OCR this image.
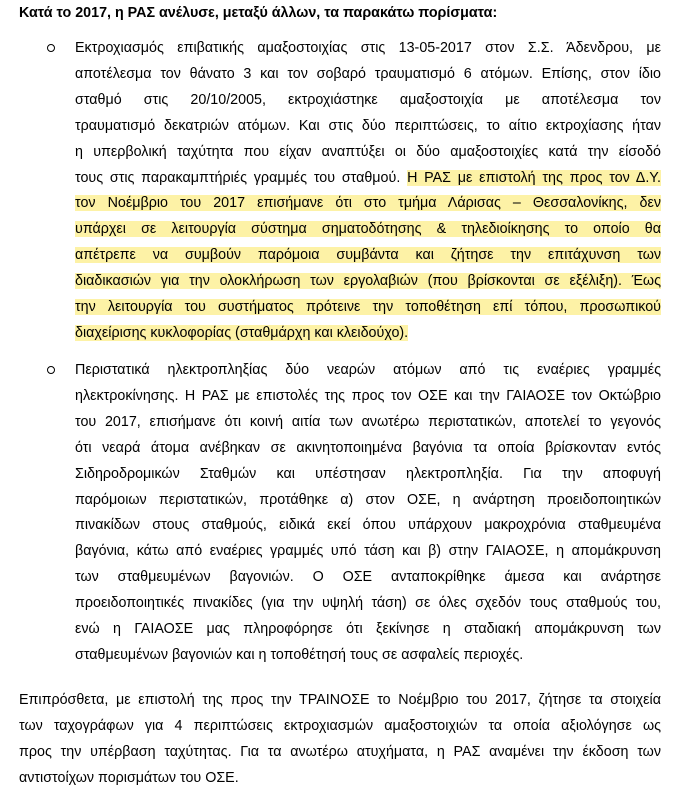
Κατά το 2017, η ΡΑΣ ανέλυσε, μεταξύ άλλων, τα παρακάτω πορίσματα:
Εκτροχιασμός επιβατικής αμαξοστοιχίας στις 13-05-2017 στον Σ.Σ. Άδενδρου, με
αποτέλεσμα τον θάνατο 3 και τον σοβαρό τραυματισμό 6 ατόμων. Επίσης, στον ίδιο
σταθμό στις 20/10/2005, εκτροχιάστηκε αμαξοστοιχία με αποτέλεσμα τον
τραυματισμό δεκατριών ατόμων. Και στις δύο περιπτώσεις, το αίτιο εκτροχίασης ήταν
η υπερβολική ταχύτητα που είχαν αναπτύξει οι δύο αμαξοστοιχίες κατά την είσοδό
τους στις παρακαμπτήριές γραμμές του σταθμού. Η ΡΑΣ με επιστολή της προς τον Δ.Υ.
τον Νοέμβριο του 2017 επισήμανε ότι στο τμήμα Λάρισας – Θεσσαλονίκης, δεν
υπάρχει σε λειτουργία σύστημα σηματοδότησης & τηλεδιοίκησης το οποίο θα
απέτρεπε να συμβούν παρόμοια συμβάντα και ζήτησε την επιτάχυνση των
διαδικασιών για την ολοκλήρωση των εργολαβιών (που βρίσκονται σε εξέλιξη). Έως
την λειτουργία του συστήματος πρότεινε την τοποθέτηση επί τόπου, προσωπικού
διαχείρισης κυκλοφορίας (σταθμάρχη και κλειδούχο).
Περιστατικά ηλεκτροπληξίας δύο νεαρών ατόμων από τις εναέριες γραμμές
ηλεκτροκίνησης. Η ΡΑΣ με επιστολές της προς τον ΟΣΕ και την ΓΑΙΑΟΣΕ τον Οκτώβριο
του 2017, επισήμανε ότι κοινή αιτία των ανωτέρω περιστατικών, αποτελεί το γεγονός
ότι νεαρά άτομα ανέβηκαν σε ακινητοποιημένα βαγόνια τα οποία βρίσκονταν εντός
Σιδηροδρομικών Σταθμών και υπέστησαν ηλεκτροπληξία. Για την αποφυγή
παρόμοιων περιστατικών, προτάθηκε α) στον ΟΣΕ, η ανάρτηση προειδοποιητικών
πινακίδων στους σταθμούς, ειδικά εκεί όπου υπάρχουν μακροχρόνια σταθμευμένα
βαγόνια, κάτω από εναέριες γραμμές υπό τάση και β) στην ΓΑΙΑΟΣΕ, η απομάκρυνση
των σταθμευμένων βαγονιών. Ο ΟΣΕ ανταποκρίθηκε άμεσα και ανάρτησε
προειδοποιητικές πινακίδες (για την υψηλή τάση) σε όλες σχεδόν τους σταθμούς του,
ενώ η ΓΑΙΑΟΣΕ μας πληροφόρησε ότι ξεκίνησε η σταδιακή απομάκρυνση των
σταθμευμένων βαγονιών και η τοποθέτησή τους σε ασφαλείς περιοχές.
Επιπρόσθετα, με επιστολή της προς την ΤΡΑΙΝΟΣΕ το Νοέμβριο του 2017, ζήτησε τα στοιχεία
των ταχογράφων για 4 περιπτώσεις εκτροχιασμών αμαξοστοιχιών τα οποία αξιολόγησε ως
προς την υπέρβαση ταχύτητας. Για τα ανωτέρω ατυχήματα, η ΡΑΣ αναμένει την έκδοση των
αντιστοίχων πορισμάτων του ΟΣΕ.
